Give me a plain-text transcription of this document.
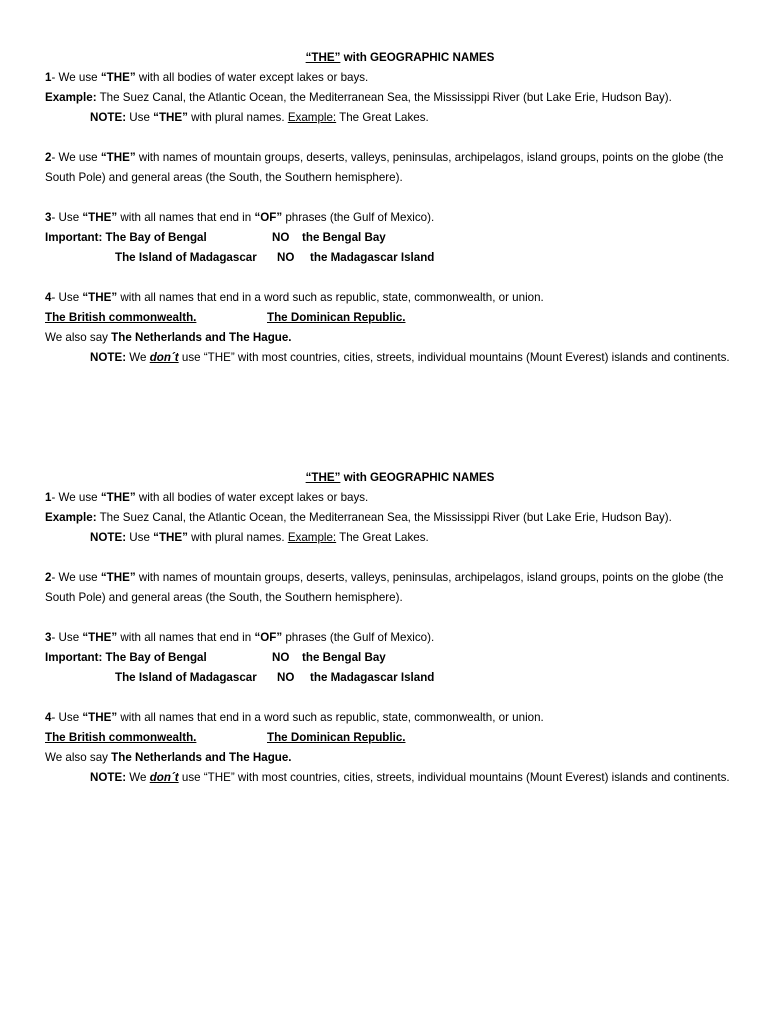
“THE” with GEOGRAPHIC NAMES
1- We use “THE” with all bodies of water except lakes or bays.
Example: The Suez Canal, the Atlantic Ocean, the Mediterranean Sea, the Mississippi River (but Lake Erie, Hudson Bay).
NOTE: Use “THE” with plural names. Example: The Great Lakes.
2- We use “THE” with names of mountain groups, deserts, valleys, peninsulas, archipelagos, island groups, points on the globe (the South Pole) and general areas (the South, the Southern hemisphere).
3- Use “THE” with all names that end in “OF” phrases (the Gulf of Mexico).
Important: The Bay of Bengal	NO the Bengal Bay
The Island of Madagascar NO the Madagascar Island
4- Use “THE” with all names that end in a word such as republic, state, commonwealth, or union.
The British commonwealth.	The Dominican Republic.
We also say The Netherlands and The Hague.
NOTE: We don´t use “THE” with most countries, cities, streets, individual mountains (Mount Everest) islands and continents.
“THE” with GEOGRAPHIC NAMES
1- We use “THE” with all bodies of water except lakes or bays.
Example: The Suez Canal, the Atlantic Ocean, the Mediterranean Sea, the Mississippi River (but Lake Erie, Hudson Bay).
NOTE: Use “THE” with plural names. Example: The Great Lakes.
2- We use “THE” with names of mountain groups, deserts, valleys, peninsulas, archipelagos, island groups, points on the globe (the South Pole) and general areas (the South, the Southern hemisphere).
3- Use “THE” with all names that end in “OF” phrases (the Gulf of Mexico).
Important: The Bay of Bengal	NO the Bengal Bay
The Island of Madagascar NO the Madagascar Island
4- Use “THE” with all names that end in a word such as republic, state, commonwealth, or union.
The British commonwealth.	The Dominican Republic.
We also say The Netherlands and The Hague.
NOTE: We don´t use “THE” with most countries, cities, streets, individual mountains (Mount Everest) islands and continents.
